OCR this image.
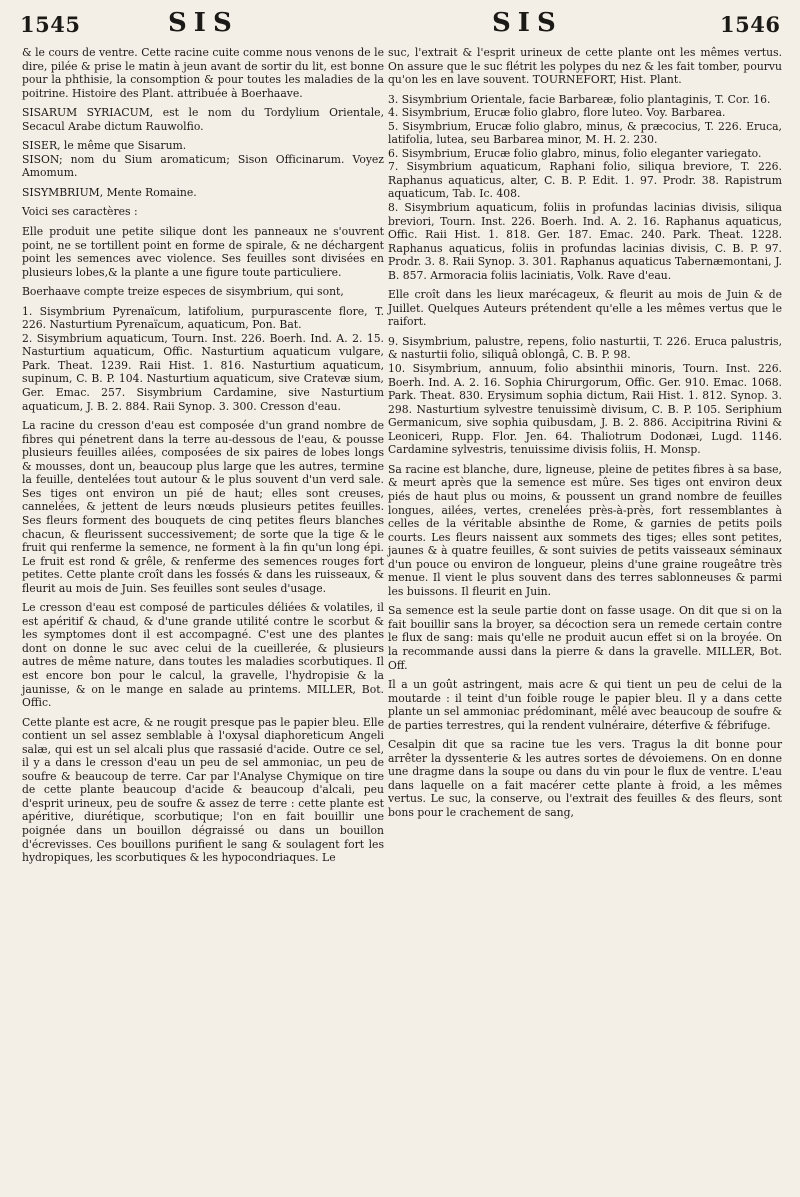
1545	SIS	SIS	1546

& le cours de ventre. Cette racine cuite comme nous venons de le dire, pilée & prise le matin à jeun avant de sortir du lit, est bonne pour la phthisie, la consomption & pour toutes les maladies de la poitrine. Histoire des Plant. attribuée à Boerhaave.

SISARUM SYRIACUM, est le nom du Tordylium Orientale, Secacul Arabe dictum Rauwolfio.

SISER, le même que Sisarum.

SISON; nom du Sium aromaticum; Sison Officinarum. Voyez Amomum.

SISYMBRIUM, Mente Romaine.

Voici ses caractères :

Elle produit une petite silique dont les panneaux ne s'ouvrent point, ne se tortillent point en forme de spirale, & ne déchargent point les semences avec violence. Ses feuilles sont divisées en plusieurs lobes,& la plante a une figure toute particuliere.

Boerhaave compte treize especes de sisymbrium, qui sont,

1. Sisymbrium Pyrenaïcum, latifolium, purpurascente flore, T. 226. Nasturtium Pyrenaïcum, aquaticum, Pon. Bat.

2. Sisymbrium aquaticum, Tourn. Inst. 226. Boerh. Ind. A. 2. 15. Nasturtium aquaticum, Offic. Nasturtium aquaticum vulgare, Park. Theat. 1239. Raii Hist. 1. 816. Nasturtium aquaticum, supinum, C. B. P. 104. Nasturtium aquaticum, sive Cratevæ sium, Ger. Emac. 257. Sisymbrium Cardamine, sive Nasturtium aquaticum, J. B. 2. 884. Raii Synop. 3. 300. Cresson d'eau.

La racine du cresson d'eau est composée d'un grand nombre de fibres qui pénetrent dans la terre au-dessous de l'eau, & pousse plusieurs feuilles ailées, composées de six paires de lobes longs & mousses, dont un, beaucoup plus large que les autres, termine la feuille, dentelées tout autour & le plus souvent d'un verd sale. Ses tiges ont environ un pié de haut; elles sont creuses, cannelées, & jettent de leurs nœuds plusieurs petites feuilles. Ses fleurs forment des bouquets de cinq petites fleurs blanches chacun, & fleurissent successivement; de sorte que la tige & le fruit qui renferme la semence, ne forment à la fin qu'un long épi. Le fruit est rond & grêle, & renferme des semences rouges fort petites. Cette plante croît dans les fossés & dans les ruisseaux, & fleurit au mois de Juin. Ses feuilles sont seules d'usage.

Le cresson d'eau est composé de particules déliées & volatiles, il est apéritif & chaud, & d'une grande utilité contre le scorbut & les symptomes dont il est accompagné. C'est une des plantes dont on donne le suc avec celui de la cueillerée, & plusieurs autres de même nature, dans toutes les maladies scorbutiques. Il est encore bon pour le calcul, la gravelle, l'hydropisie & la jaunisse, & on le mange en salade au printems. MILLER, Bot. Offic.

Cette plante est acre, & ne rougit presque pas le papier bleu. Elle contient un sel assez semblable à l'oxysal diaphoreticum Angeli salæ, qui est un sel alcali plus que rassasié d'acide. Outre ce sel, il y a dans le cresson d'eau un peu de sel ammoniac, un peu de soufre & beaucoup de terre. Car par l'Analyse Chymique on tire de cette plante beaucoup d'acide & beaucoup d'alcali, peu d'esprit urineux, peu de soufre & assez de terre : cette plante est apéritive, diurétique, scorbutique; l'on en fait bouillir une poignée dans un bouillon dégraissé ou dans un bouillon d'écrevisses. Ces bouillons purifient le sang & soulagent fort les hydropiques, les scorbutiques & les hypocondriaques. Le

suc, l'extrait & l'esprit urineux de cette plante ont les mêmes vertus. On assure que le suc flétrit les polypes du nez & les fait tomber, pourvu qu'on les en lave souvent. TOURNEFORT, Hist. Plant.

3. Sisymbrium Orientale, facie Barbareæ, folio plantaginis, T. Cor. 16.

4. Sisymbrium, Erucæ folio glabro, flore luteo. Voy. Barbarea.

5. Sisymbrium, Erucæ folio glabro, minus, & præcocius, T. 226. Eruca, latifolia, lutea, seu Barbarea minor, M. H. 2. 230.

6. Sisymbrium, Erucæ folio glabro, minus, folio eleganter variegato.

7. Sisymbrium aquaticum, Raphani folio, siliqua breviore, T. 226. Raphanus aquaticus, alter, C. B. P. Edit. 1. 97. Prodr. 38. Rapistrum aquaticum, Tab. Ic. 408.

8. Sisymbrium aquaticum, foliis in profundas lacinias divisis, siliqua breviori, Tourn. Inst. 226. Boerh. Ind. A. 2. 16. Raphanus aquaticus, Offic. Raii Hist. 1. 818. Ger. 187. Emac. 240. Park. Theat. 1228. Raphanus aquaticus, foliis in profundas lacinias divisis, C. B. P. 97. Prodr. 3. 8. Raii Synop. 3. 301. Raphanus aquaticus Tabernæmontani, J. B. 857. Armoracia foliis laciniatis, Volk. Rave d'eau.

Elle croît dans les lieux marécageux, & fleurit au mois de Juin & de Juillet. Quelques Auteurs prétendent qu'elle a les mêmes vertus que le raifort.

9. Sisymbrium, palustre, repens, folio nasturtii, T. 226. Eruca palustris, & nasturtii folio, siliquâ oblongâ, C. B. P. 98.

10. Sisymbrium, annuum, folio absinthii minoris, Tourn. Inst. 226. Boerh. Ind. A. 2. 16. Sophia Chirurgorum, Offic. Ger. 910. Emac. 1068. Park. Theat. 830. Erysimum sophia dictum, Raii Hist. 1. 812. Synop. 3. 298. Nasturtium sylvestre tenuissimè divisum, C. B. P. 105. Seriphium Germanicum, sive sophia quibusdam, J. B. 2. 886. Accipitrina Rivini & Leoniceri, Rupp. Flor. Jen. 64. Thaliotrum Dodonæi, Lugd. 1146. Cardamine sylvestris, tenuissime divisis foliis, H. Monsp.

Sa racine est blanche, dure, ligneuse, pleine de petites fibres à sa base, & meurt après que la semence est mûre. Ses tiges ont environ deux piés de haut plus ou moins, & poussent un grand nombre de feuilles longues, ailées, vertes, crenelées près-à-près, fort ressemblantes à celles de la véritable absinthe de Rome, & garnies de petits poils courts. Les fleurs naissent aux sommets des tiges; elles sont petites, jaunes & à quatre feuilles, & sont suivies de petits vaisseaux séminaux d'un pouce ou environ de longueur, pleins d'une graine rougeâtre très menue. Il vient le plus souvent dans des terres sablonneuses & parmi les buissons. Il fleurit en Juin.

Sa semence est la seule partie dont on fasse usage. On dit que si on la fait bouillir sans la broyer, sa décoction sera un remede certain contre le flux de sang: mais qu'elle ne produit aucun effet si on la broyée. On la recommande aussi dans la pierre & dans la gravelle. MILLER, Bot. Off.

Il a un goût astringent, mais acre & qui tient un peu de celui de la moutarde : il teint d'un foible rouge le papier bleu. Il y a dans cette plante un sel ammoniac prédominant, mêlé avec beaucoup de soufre & de parties terrestres, qui la rendent vulnéraire, déterfive & fébrifuge.

Cesalpin dit que sa racine tue les vers. Tragus la dit bonne pour arrêter la dyssenterie & les autres sortes de dévoiemens. On en donne une dragme dans la soupe ou dans du vin pour le flux de ventre. L'eau dans laquelle on a fait macérer cette plante à froid, a les mêmes vertus. Le suc, la conserve, ou l'extrait des feuilles & des fleurs, sont bons pour le crachement de sang,
